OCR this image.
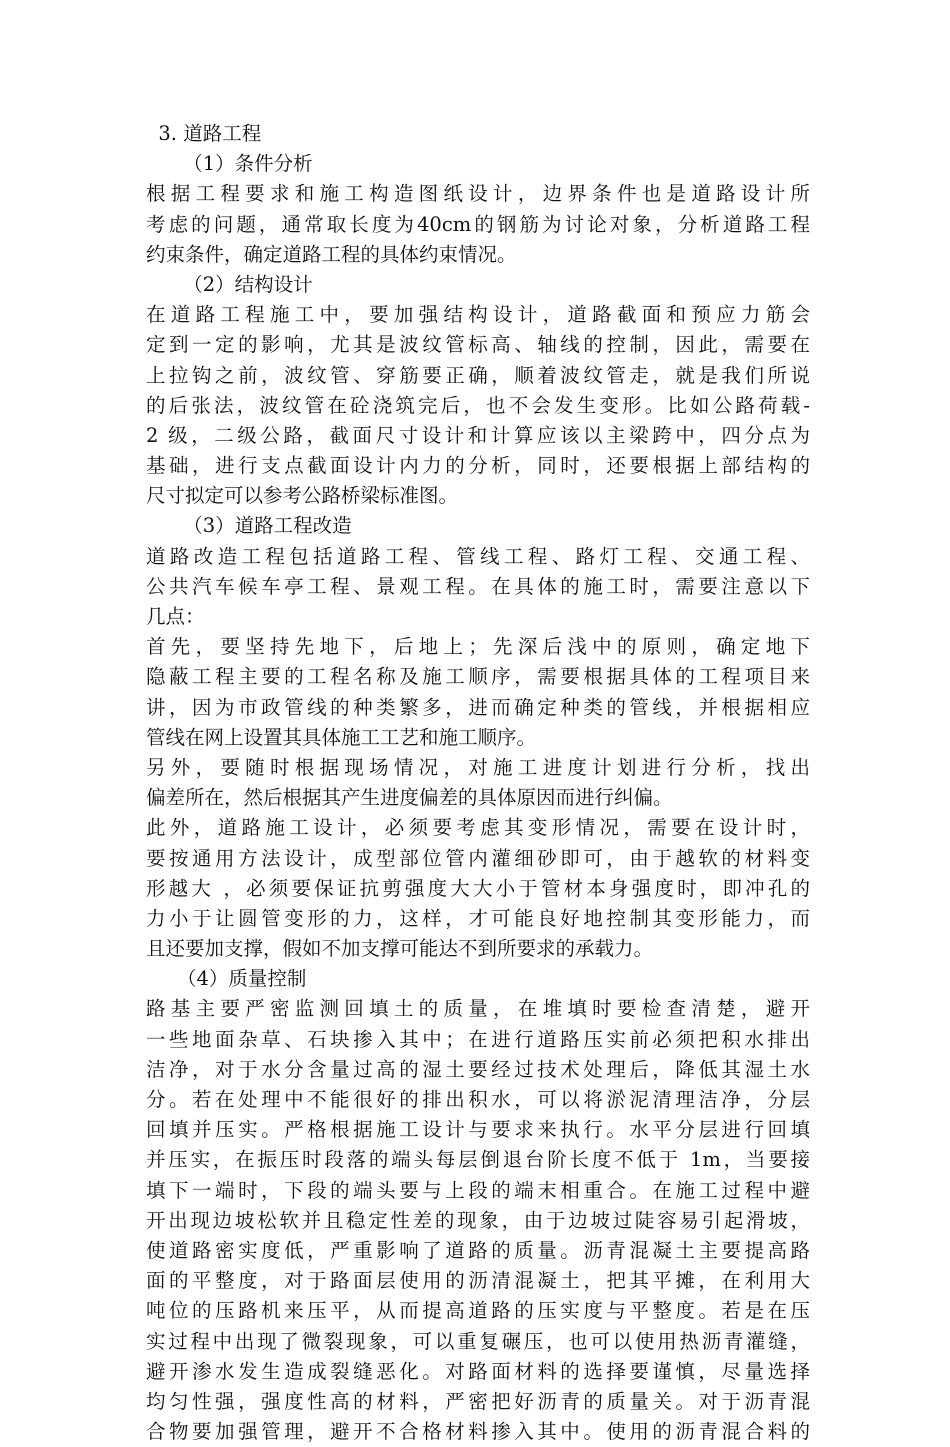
3. 道路工程
（1）条件分析
根据工程要求和施工构造图纸设计，边界条件也是道路设计所
考虑的问题，通常取长度为40cm的钢筋为讨论对象，分析道路工程
约束条件，确定道路工程的具体约束情况。
（2）结构设计
在道路工程施工中，要加强结构设计，道路截面和预应力筋会
定到一定的影响，尤其是波纹管标高、轴线的控制，因此，需要在
上拉钩之前，波纹管、穿筋要正确，顺着波纹管走，就是我们所说
的后张法，波纹管在砼浇筑完后，也不会发生变形。比如公路荷载-
2 级，二级公路，截面尺寸设计和计算应该以主梁跨中，四分点为
基础，进行支点截面设计内力的分析，同时，还要根据上部结构的
尺寸拟定可以参考公路桥梁标准图。
（3）道路工程改造
道路改造工程包括道路工程、管线工程、路灯工程、交通工程、
公共汽车候车亭工程、景观工程。在具体的施工时，需要注意以下
几点：
首先，要坚持先地下，后地上；先深后浅中的原则，确定地下
隐蔽工程主要的工程名称及施工顺序，需要根据具体的工程项目来
讲，因为市政管线的种类繁多，进而确定种类的管线，并根据相应
管线在网上设置其具体施工工艺和施工顺序。
另外，要随时根据现场情况，对施工进度计划进行分析，找出
偏差所在，然后根据其产生进度偏差的具体原因而进行纠偏。
此外，道路施工设计，必须要考虑其变形情况，需要在设计时，
要按通用方法设计，成型部位管内灌细砂即可，由于越软的材料变
形越大 ，必须要保证抗剪强度大大小于管材本身强度时，即冲孔的
力小于让圆管变形的力，这样，才可能良好地控制其变形能力，而
且还要加支撑，假如不加支撑可能达不到所要求的承载力。
（4）质量控制
路基主要严密监测回填土的质量，在堆填时要检查清楚，避开
一些地面杂草、石块掺入其中；在进行道路压实前必须把积水排出
洁净，对于水分含量过高的湿土要经过技术处理后，降低其湿土水
分。若在处理中不能很好的排出积水，可以将淤泥清理洁净，分层
回填并压实。严格根据施工设计与要求来执行。水平分层进行回填
并压实，在振压时段落的端头每层倒退台阶长度不低于 1m，当要接
填下一端时，下段的端头要与上段的端末相重合。在施工过程中避
开出现边坡松软并且稳定性差的现象，由于边坡过陡容易引起滑坡，
使道路密实度低，严重影响了道路的质量。沥青混凝土主要提高路
面的平整度，对于路面层使用的沥清混凝土，把其平摊，在利用大
吨位的压路机来压平，从而提高道路的压实度与平整度。若是在压
实过程中出现了微裂现象，可以重复碾压，也可以使用热沥青灌缝，
避开渗水发生造成裂缝恶化。对路面材料的选择要谨慎，尽量选择
均匀性强，强度性高的材料，严密把好沥青的质量关。对于沥青混
合物要加强管理，避开不合格材料掺入其中。使用的沥青混合料的
